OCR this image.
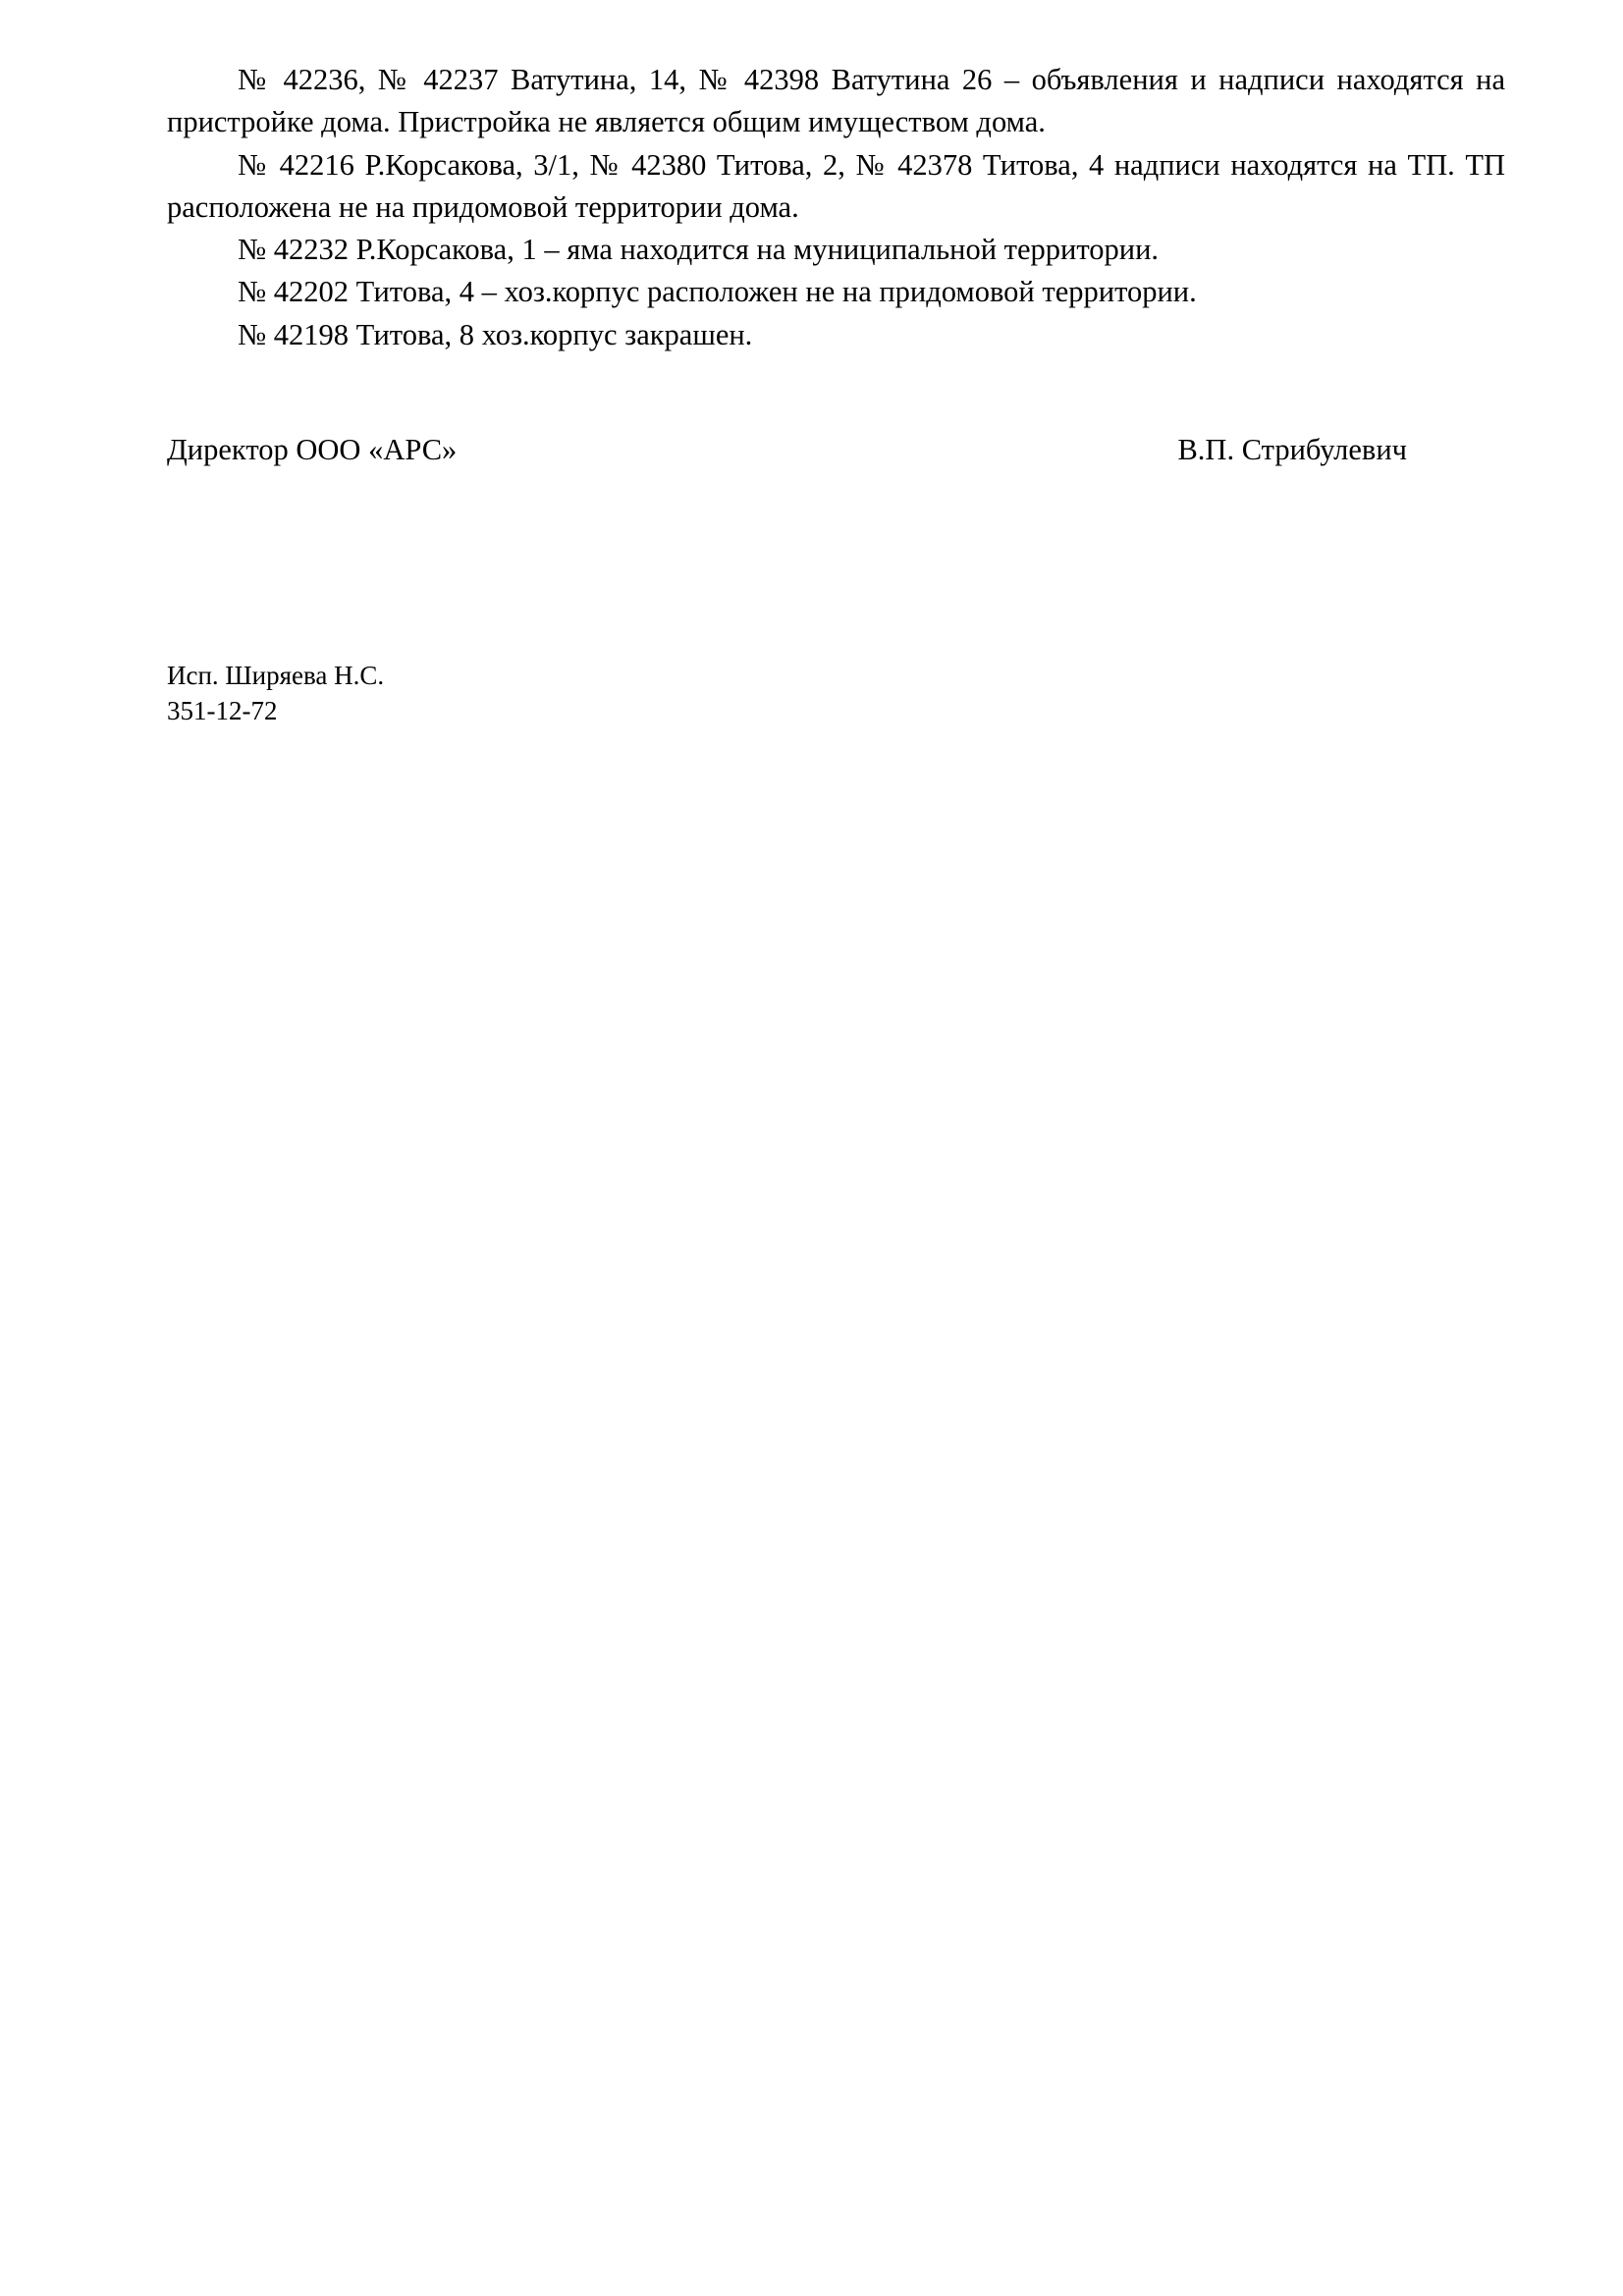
№ 42236, № 42237 Ватутина, 14, № 42398 Ватутина 26 – объявления и надписи находятся на пристройке дома. Пристройка не является общим имуществом дома.

№ 42216 Р.Корсакова, 3/1, № 42380 Титова, 2, № 42378 Титова, 4 надписи находятся на ТП. ТП расположена не на придомовой территории дома.

№ 42232 Р.Корсакова, 1 – яма находится на муниципальной территории.

№ 42202 Титова, 4 – хоз.корпус расположен не на придомовой территории.

№ 42198 Титова, 8 хоз.корпус закрашен.

Директор ООО «АРС»	В.П. Стрибулевич

Исп. Ширяева Н.С.

351-12-72
